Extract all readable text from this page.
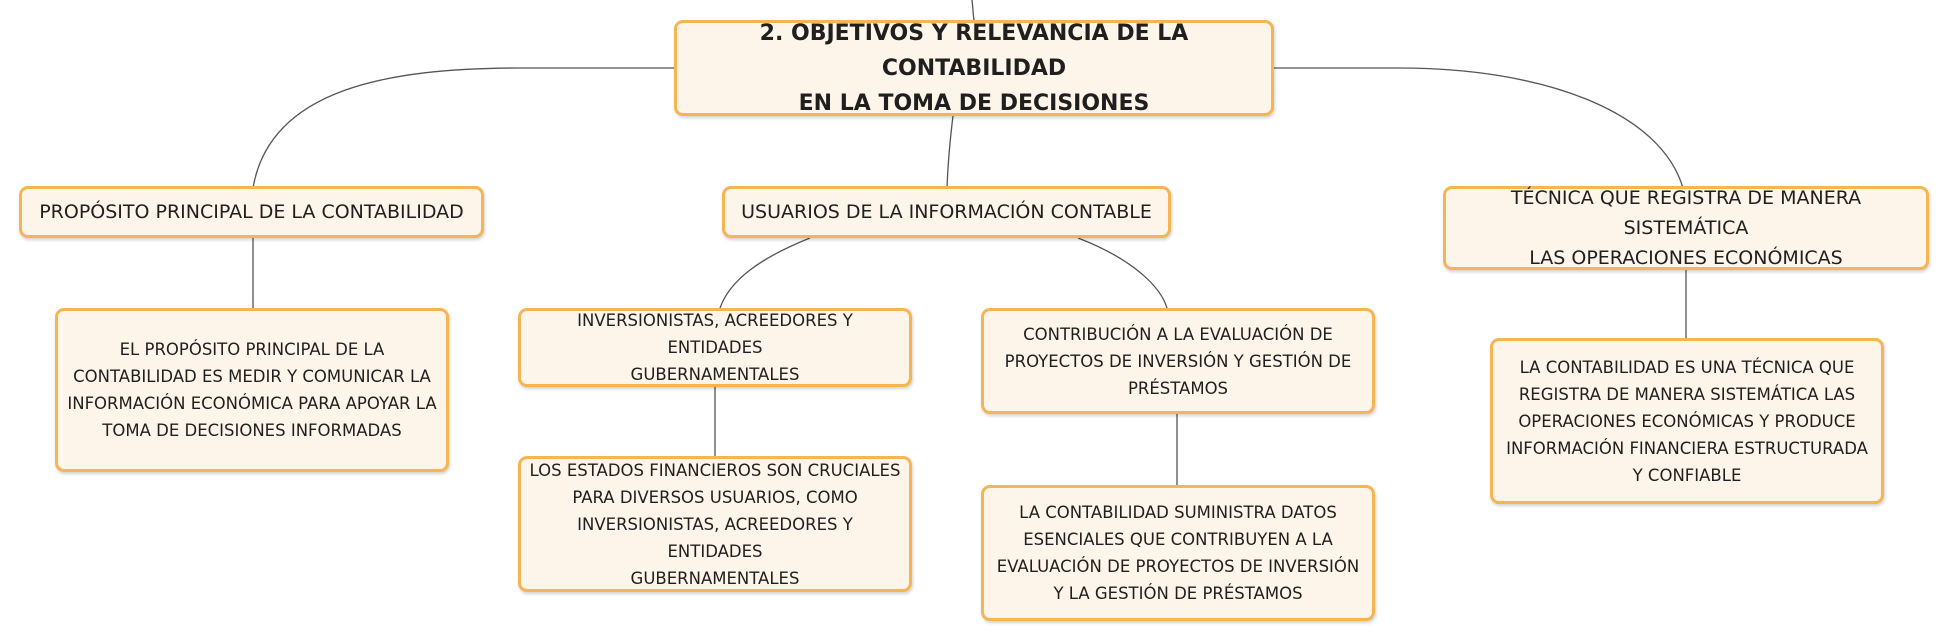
2. OBJETIVOS Y RELEVANCIA DE LA CONTABILIDAD
EN LA TOMA DE DECISIONES
PROPÓSITO PRINCIPAL DE LA CONTABILIDAD	USUARIOS DE LA INFORMACIÓN CONTABLE
TÉCNICA QUE REGISTRA DE MANERA SISTEMÁTICA
LAS OPERACIONES ECONÓMICAS
EL PROPÓSITO PRINCIPAL DE LA
CONTABILIDAD ES MEDIR Y COMUNICAR LA
INFORMACIÓN ECONÓMICA PARA APOYAR LA
TOMA DE DECISIONES INFORMADAS
INVERSIONISTAS, ACREEDORES Y ENTIDADES
GUBERNAMENTALES
LOS ESTADOS FINANCIEROS SON CRUCIALES
PARA DIVERSOS USUARIOS, COMO
INVERSIONISTAS, ACREEDORES Y ENTIDADES
GUBERNAMENTALES
CONTRIBUCIÓN A LA EVALUACIÓN DE
PROYECTOS DE INVERSIÓN Y GESTIÓN DE
PRÉSTAMOS
LA CONTABILIDAD SUMINISTRA DATOS
ESENCIALES QUE CONTRIBUYEN A LA
EVALUACIÓN DE PROYECTOS DE INVERSIÓN
Y LA GESTIÓN DE PRÉSTAMOS
LA CONTABILIDAD ES UNA TÉCNICA QUE
REGISTRA DE MANERA SISTEMÁTICA LAS
OPERACIONES ECONÓMICAS Y PRODUCE
INFORMACIÓN FINANCIERA ESTRUCTURADA
Y CONFIABLE
